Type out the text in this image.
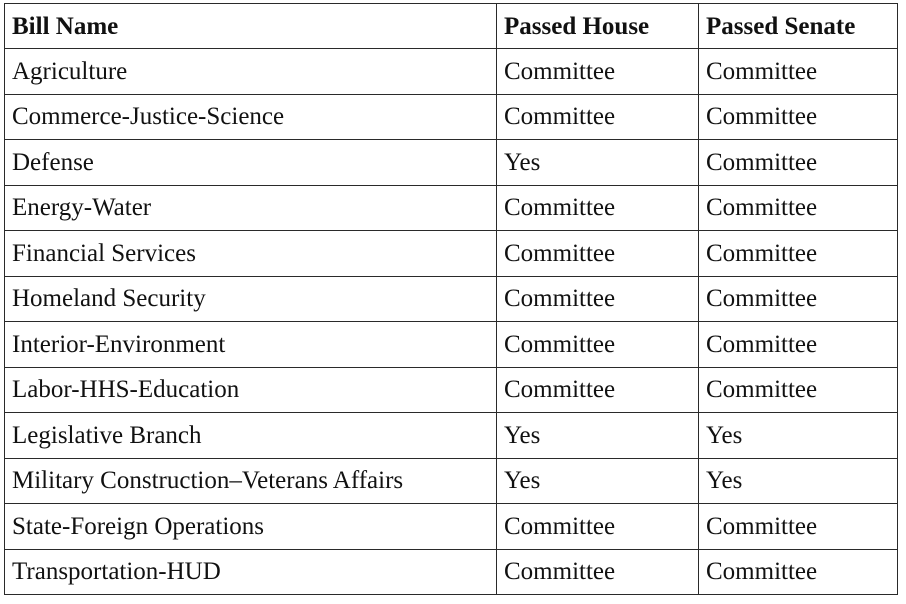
Bill Name	Passed House	Passed Senate
Agriculture	Committee	Committee
Commerce-Justice-Science	Committee	Committee
Defense	Yes	Committee
Energy-Water	Committee	Committee
Financial Services	Committee	Committee
Homeland Security	Committee	Committee
Interior-Environment	Committee	Committee
Labor-HHS-Education	Committee	Committee
Legislative Branch	Yes	Yes
Military Construction–Veterans Affairs	Yes	Yes
State-Foreign Operations	Committee	Committee
Transportation-HUD	Committee	Committee
